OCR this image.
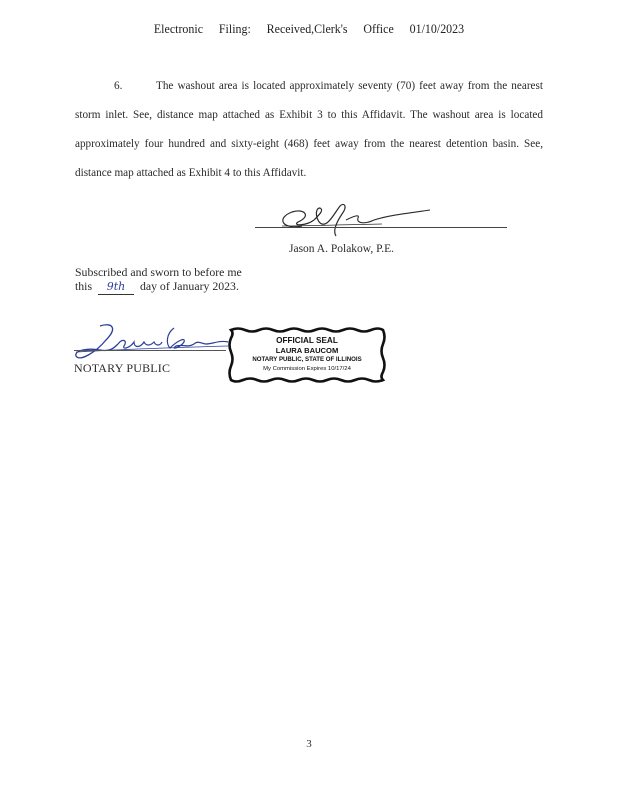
Electronic Filing: Received,Clerk's Office 01/10/2023
6.	The washout area is located approximately seventy (70) feet away from the nearest storm inlet. See, distance map attached as Exhibit 3 to this Affidavit. The washout area is located approximately four hundred and sixty-eight (468) feet away from the nearest detention basin. See, distance map attached as Exhibit 4 to this Affidavit.
Jason A. Polakow, P.E.
Subscribed and sworn to before me
this 9th day of January 2023.
NOTARY PUBLIC
OFFICIAL SEAL
LAURA BAUCOM
NOTARY PUBLIC, STATE OF ILLINOIS
My Commission Expires 10/17/24
3
